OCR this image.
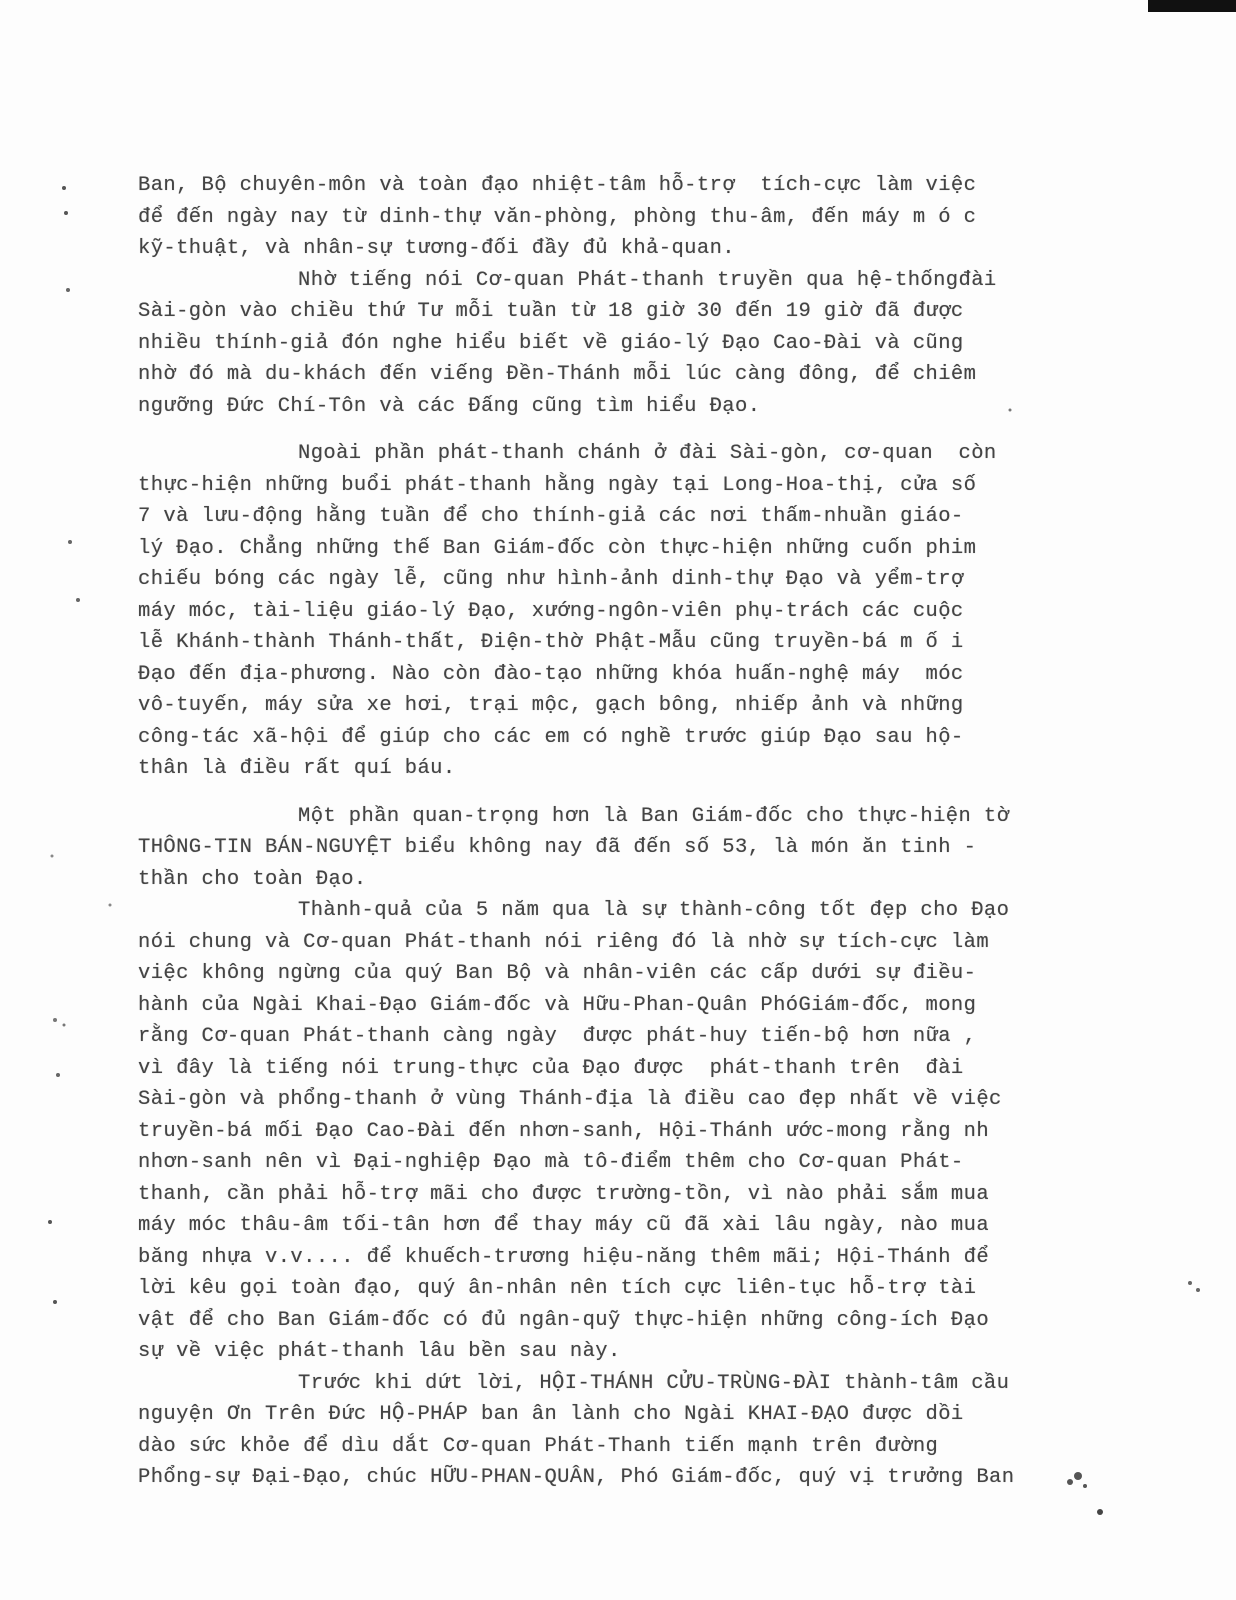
Ban, Bộ chuyên-môn và toàn đạo nhiệt-tâm hỗ-trợ  tích-cực làm việc
để đến ngày nay từ dinh-thự văn-phòng, phòng thu-âm, đến máy m ó c
kỹ-thuật, và nhân-sự tương-đối đầy đủ khả-quan.
Nhờ tiếng nói Cơ-quan Phát-thanh truyền qua hệ-thốngđài
Sài-gòn vào chiều thứ Tư mỗi tuần từ 18 giờ 30 đến 19 giờ đã được
nhiều thính-giả đón nghe hiểu biết về giáo-lý Đạo Cao-Đài và cũng
nhờ đó mà du-khách đến viếng Đền-Thánh mỗi lúc càng đông, để chiêm
ngưỡng Đức Chí-Tôn và các Đấng cũng tìm hiểu Đạo.
Ngoài phần phát-thanh chánh ở đài Sài-gòn, cơ-quan  còn
thực-hiện những buổi phát-thanh hằng ngày tại Long-Hoa-thị, cửa số
7 và lưu-động hằng tuần để cho thính-giả các nơi thấm-nhuần giáo-
lý Đạo. Chẳng những thế Ban Giám-đốc còn thực-hiện những cuốn phim
chiếu bóng các ngày lễ, cũng như hình-ảnh dinh-thự Đạo và yểm-trợ
máy móc, tài-liệu giáo-lý Đạo, xướng-ngôn-viên phụ-trách các cuộc
lễ Khánh-thành Thánh-thất, Điện-thờ Phật-Mẫu cũng truyền-bá m ố i
Đạo đến địa-phương. Nào còn đào-tạo những khóa huấn-nghệ máy  móc
vô-tuyến, máy sửa xe hơi, trại mộc, gạch bông, nhiếp ảnh và những
công-tác xã-hội để giúp cho các em có nghề trước giúp Đạo sau hộ-
thân là điều rất quí báu.
Một phần quan-trọng hơn là Ban Giám-đốc cho thực-hiện tờ
THÔNG-TIN BÁN-NGUYỆT biểu không nay đã đến số 53, là món ăn tinh -
thần cho toàn Đạo.
Thành-quả của 5 năm qua là sự thành-công tốt đẹp cho Đạo
nói chung và Cơ-quan Phát-thanh nói riêng đó là nhờ sự tích-cực làm
việc không ngừng của quý Ban Bộ và nhân-viên các cấp dưới sự điều-
hành của Ngài Khai-Đạo Giám-đốc và Hữu-Phan-Quân PhóGiám-đốc, mong
rằng Cơ-quan Phát-thanh càng ngày  được phát-huy tiến-bộ hơn nữa ,
vì đây là tiếng nói trung-thực của Đạo được  phát-thanh trên  đài
Sài-gòn và phổng-thanh ở vùng Thánh-địa là điều cao đẹp nhất về việc
truyền-bá mối Đạo Cao-Đài đến nhơn-sanh, Hội-Thánh ước-mong rằng nh
nhơn-sanh nên vì Đại-nghiệp Đạo mà tô-điểm thêm cho Cơ-quan Phát-
thanh, cần phải hỗ-trợ mãi cho được trường-tồn, vì nào phải sắm mua
máy móc thâu-âm tối-tân hơn để thay máy cũ đã xài lâu ngày, nào mua
băng nhựa v.v.... để khuếch-trương hiệu-năng thêm mãi; Hội-Thánh để
lời kêu gọi toàn đạo, quý ân-nhân nên tích cực liên-tục hỗ-trợ tài
vật để cho Ban Giám-đốc có đủ ngân-quỹ thực-hiện những công-ích Đạo
sự về việc phát-thanh lâu bền sau này.
Trước khi dứt lời, HỘI-THÁNH CỬU-TRÙNG-ĐÀI thành-tâm cầu
nguyện Ơn Trên Đức HỘ-PHÁP ban ân lành cho Ngài KHAI-ĐẠO được dồi
dào sức khỏe để dìu dắt Cơ-quan Phát-Thanh tiến mạnh trên đường
Phổng-sự Đại-Đạo, chúc HỮU-PHAN-QUÂN, Phó Giám-đốc, quý vị trưởng Ban
